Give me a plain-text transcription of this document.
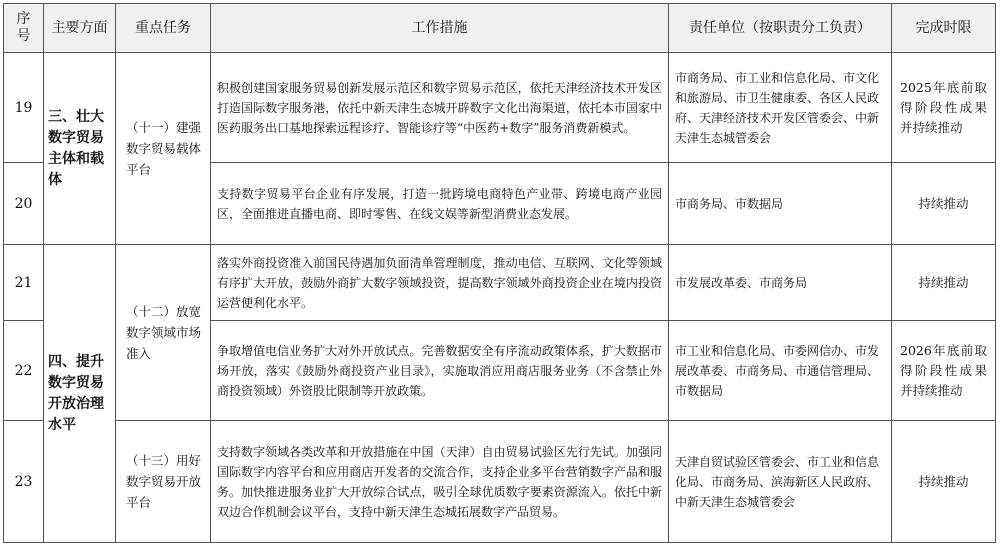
序号	主要方面	重点任务	工作措施	责任单位（按职责分工负责）	完成时限
19	三、壮大数字贸易主体和载体	（十一）建强数字贸易载体平台	积极创建国家服务贸易创新发展示范区和数字贸易示范区，依托天津经济技术开发区打造国际数字服务港，依托中新天津生态城开辟数字文化出海渠道，依托本市国家中医药服务出口基地探索远程诊疗、智能诊疗等“中医药+数字”服务消费新模式。	市商务局、市工业和信息化局、市文化和旅游局、市卫生健康委、各区人民政府、天津经济技术开发区管委会、中新天津生态城管委会	2025年底前取得阶段性成果并持续推动
20			支持数字贸易平台企业有序发展，打造一批跨境电商特色产业带、跨境电商产业园区，全面推进直播电商、即时零售、在线文娱等新型消费业态发展。	市商务局、市数据局	持续推动
21	四、提升数字贸易开放治理水平	（十二）放宽数字领域市场准入	落实外商投资准入前国民待遇加负面清单管理制度，推动电信、互联网、文化等领域有序扩大开放，鼓励外商扩大数字领域投资，提高数字领域外商投资企业在境内投资运营便利化水平。	市发展改革委、市商务局	持续推动
22			争取增值电信业务扩大对外开放试点。完善数据安全有序流动政策体系，扩大数据市场开放，落实《鼓励外商投资产业目录》，实施取消应用商店服务业务（不含禁止外商投资领域）外资股比限制等开放政策。	市工业和信息化局、市委网信办、市发展改革委、市商务局、市通信管理局、市数据局	2026年底前取得阶段性成果并持续推动
23		（十三）用好数字贸易开放平台	支持数字领域各类改革和开放措施在中国（天津）自由贸易试验区先行先试。加强同国际数字内容平台和应用商店开发者的交流合作，支持企业多平台营销数字产品和服务。加快推进服务业扩大开放综合试点，吸引全球优质数字要素资源流入。依托中新双边合作机制会议平台，支持中新天津生态城拓展数字产品贸易。	天津自贸试验区管委会、市工业和信息化局、市商务局、滨海新区人民政府、中新天津生态城管委会	持续推动
